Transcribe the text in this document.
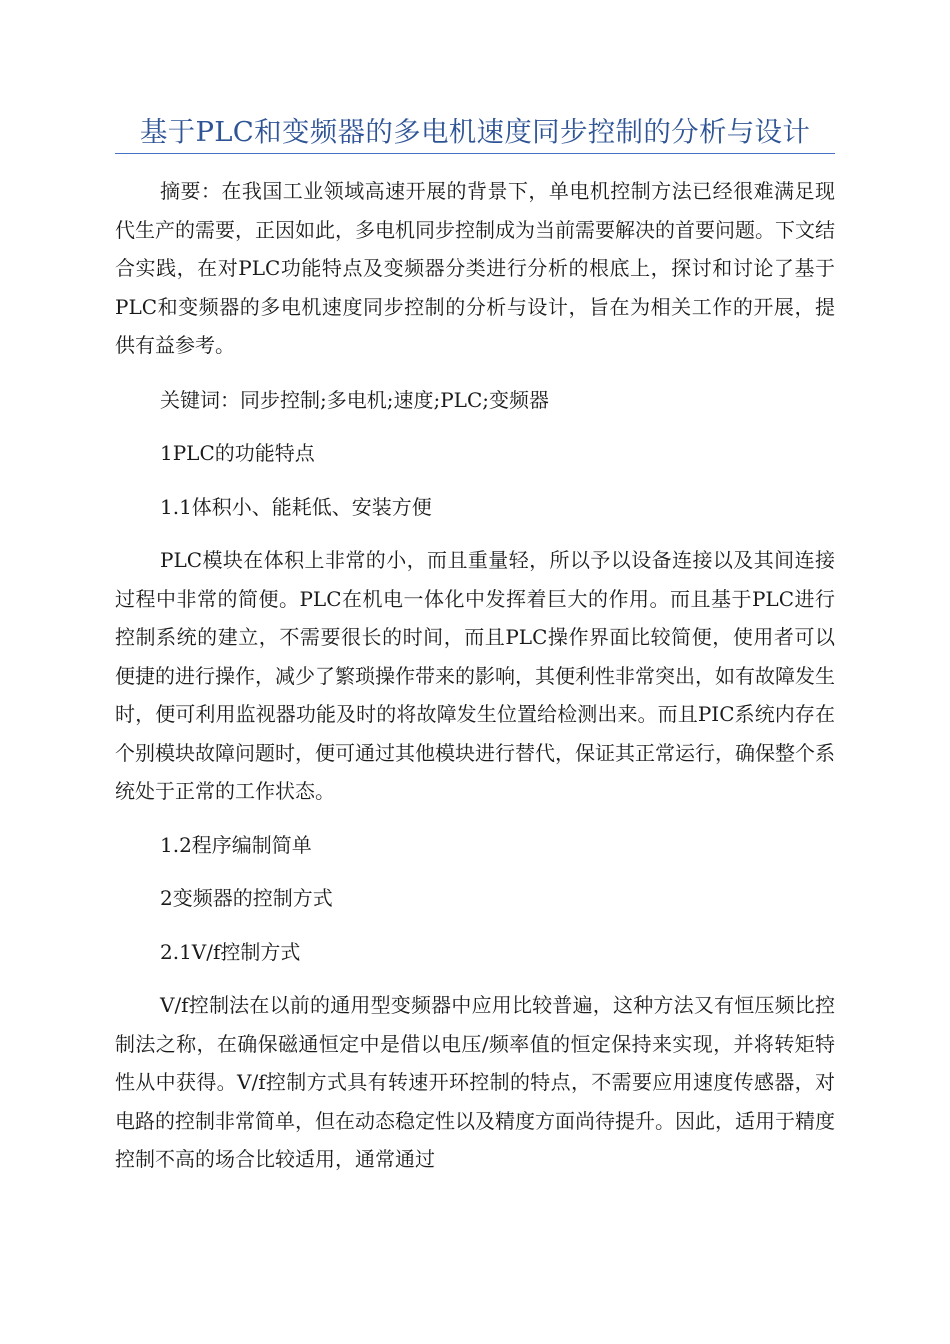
基于PLC和变频器的多电机速度同步控制的分析与设计

摘要：在我国工业领域高速开展的背景下，单电机控制方法已经很难满足现代生产的需要，正因如此，多电机同步控制成为当前需要解决的首要问题。下文结合实践，在对PLC功能特点及变频器分类进行分析的根底上，探讨和讨论了基于PLC和变频器的多电机速度同步控制的分析与设计，旨在为相关工作的开展，提供有益参考。

关键词：同步控制;多电机;速度;PLC;变频器

1PLC的功能特点

1.1体积小、能耗低、安装方便

PLC模块在体积上非常的小，而且重量轻，所以予以设备连接以及其间连接过程中非常的简便。PLC在机电一体化中发挥着巨大的作用。而且基于PLC进行控制系统的建立，不需要很长的时间，而且PLC操作界面比较简便，使用者可以便捷的进行操作，减少了繁琐操作带来的影响，其便利性非常突出，如有故障发生时，便可利用监视器功能及时的将故障发生位置给检测出来。而且PIC系统内存在个别模块故障问题时，便可通过其他模块进行替代，保证其正常运行，确保整个系统处于正常的工作状态。

1.2程序编制简单

2变频器的控制方式

2.1V/f控制方式

V/f控制法在以前的通用型变频器中应用比较普遍，这种方法又有恒压频比控制法之称，在确保磁通恒定中是借以电压/频率值的恒定保持来实现，并将转矩特性从中获得。V/f控制方式具有转速开环控制的特点，不需要应用速度传感器，对电路的控制非常简单，但在动态稳定性以及精度方面尚待提升。因此，适用于精度控制不高的场合比较适用，通常通过
